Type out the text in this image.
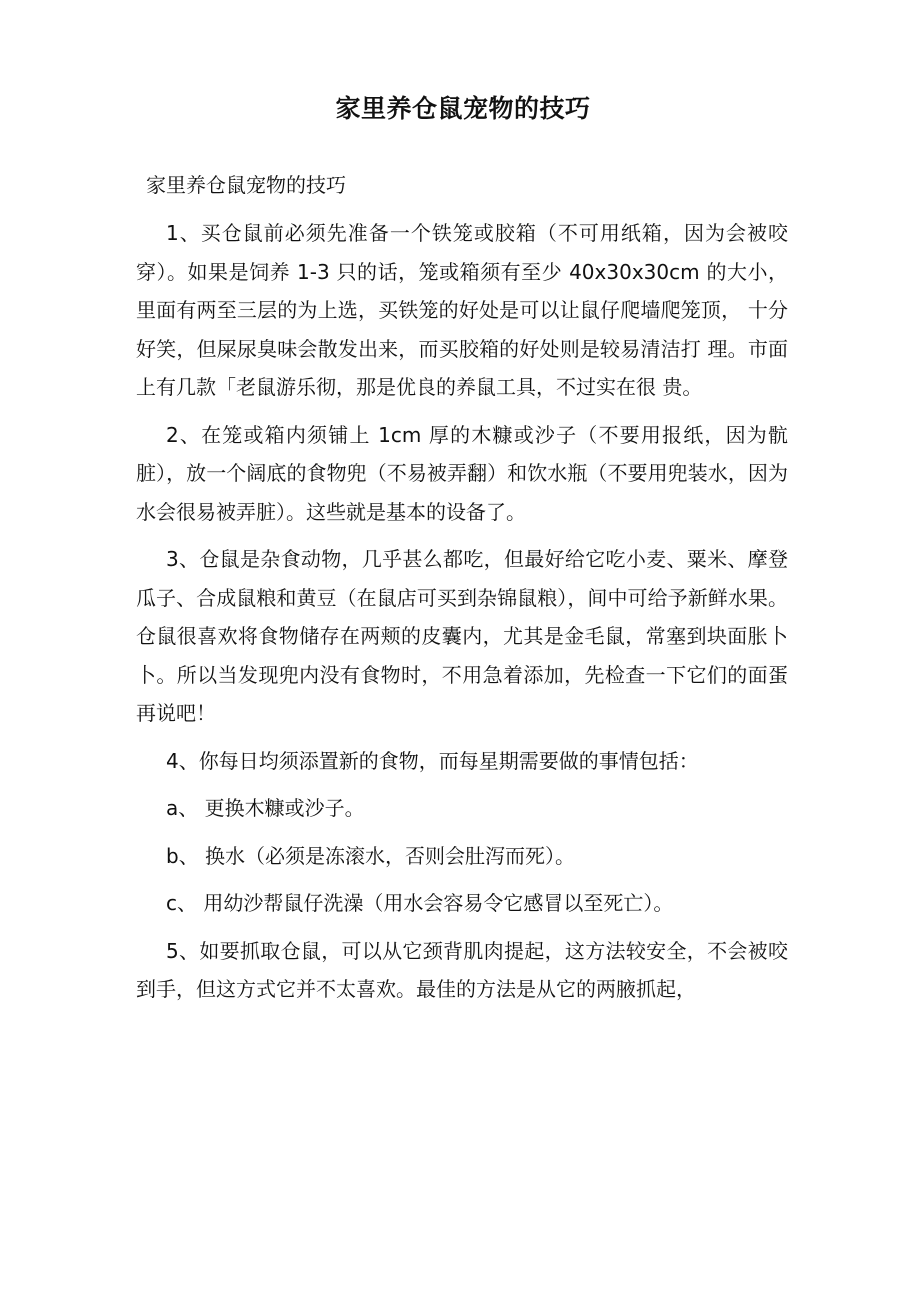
家里养仓鼠宠物的技巧
家里养仓鼠宠物的技巧

1、买仓鼠前必须先准备一个铁笼或胶箱（不可用纸箱，因为会被咬穿）。如果是饲养 1-3 只的话，笼或箱须有至少 40x30x30cm 的大小， 里面有两至三层的为上选，买铁笼的好处是可以让鼠仔爬墙爬笼顶， 十分好笑，但屎尿臭味会散发出来，而买胶箱的好处则是较易清洁打 理。市面上有几款「老鼠游乐彻，那是优良的养鼠工具，不过实在很 贵。

2、在笼或箱内须铺上 1cm 厚的木糠或沙子（不要用报纸，因为骯脏），放一个阔底的食物兜（不易被弄翻）和饮水瓶（不要用兜装水，因为水会很易被弄脏）。这些就是基本的设备了。

3、仓鼠是杂食动物，几乎甚么都吃，但最好给它吃小麦、粟米、摩登瓜子、合成鼠粮和黄豆（在鼠店可买到杂锦鼠粮），间中可给予新鲜水果。仓鼠很喜欢将食物储存在两颊的皮囊内，尤其是金毛鼠，常塞到块面胀卜卜。所以当发现兜内没有食物时，不用急着添加，先检查一下它们的面蛋再说吧！

4、你每日均须添置新的食物，而每星期需要做的事情包括：

a、 更换木糠或沙子。

b、 换水（必须是冻滚水，否则会肚泻而死）。

c、 用幼沙帮鼠仔洗澡（用水会容易令它感冒以至死亡）。

5、如要抓取仓鼠，可以从它颈背肌肉提起，这方法较安全，不会被咬到手，但这方式它并不太喜欢。最佳的方法是从它的两腋抓起，
